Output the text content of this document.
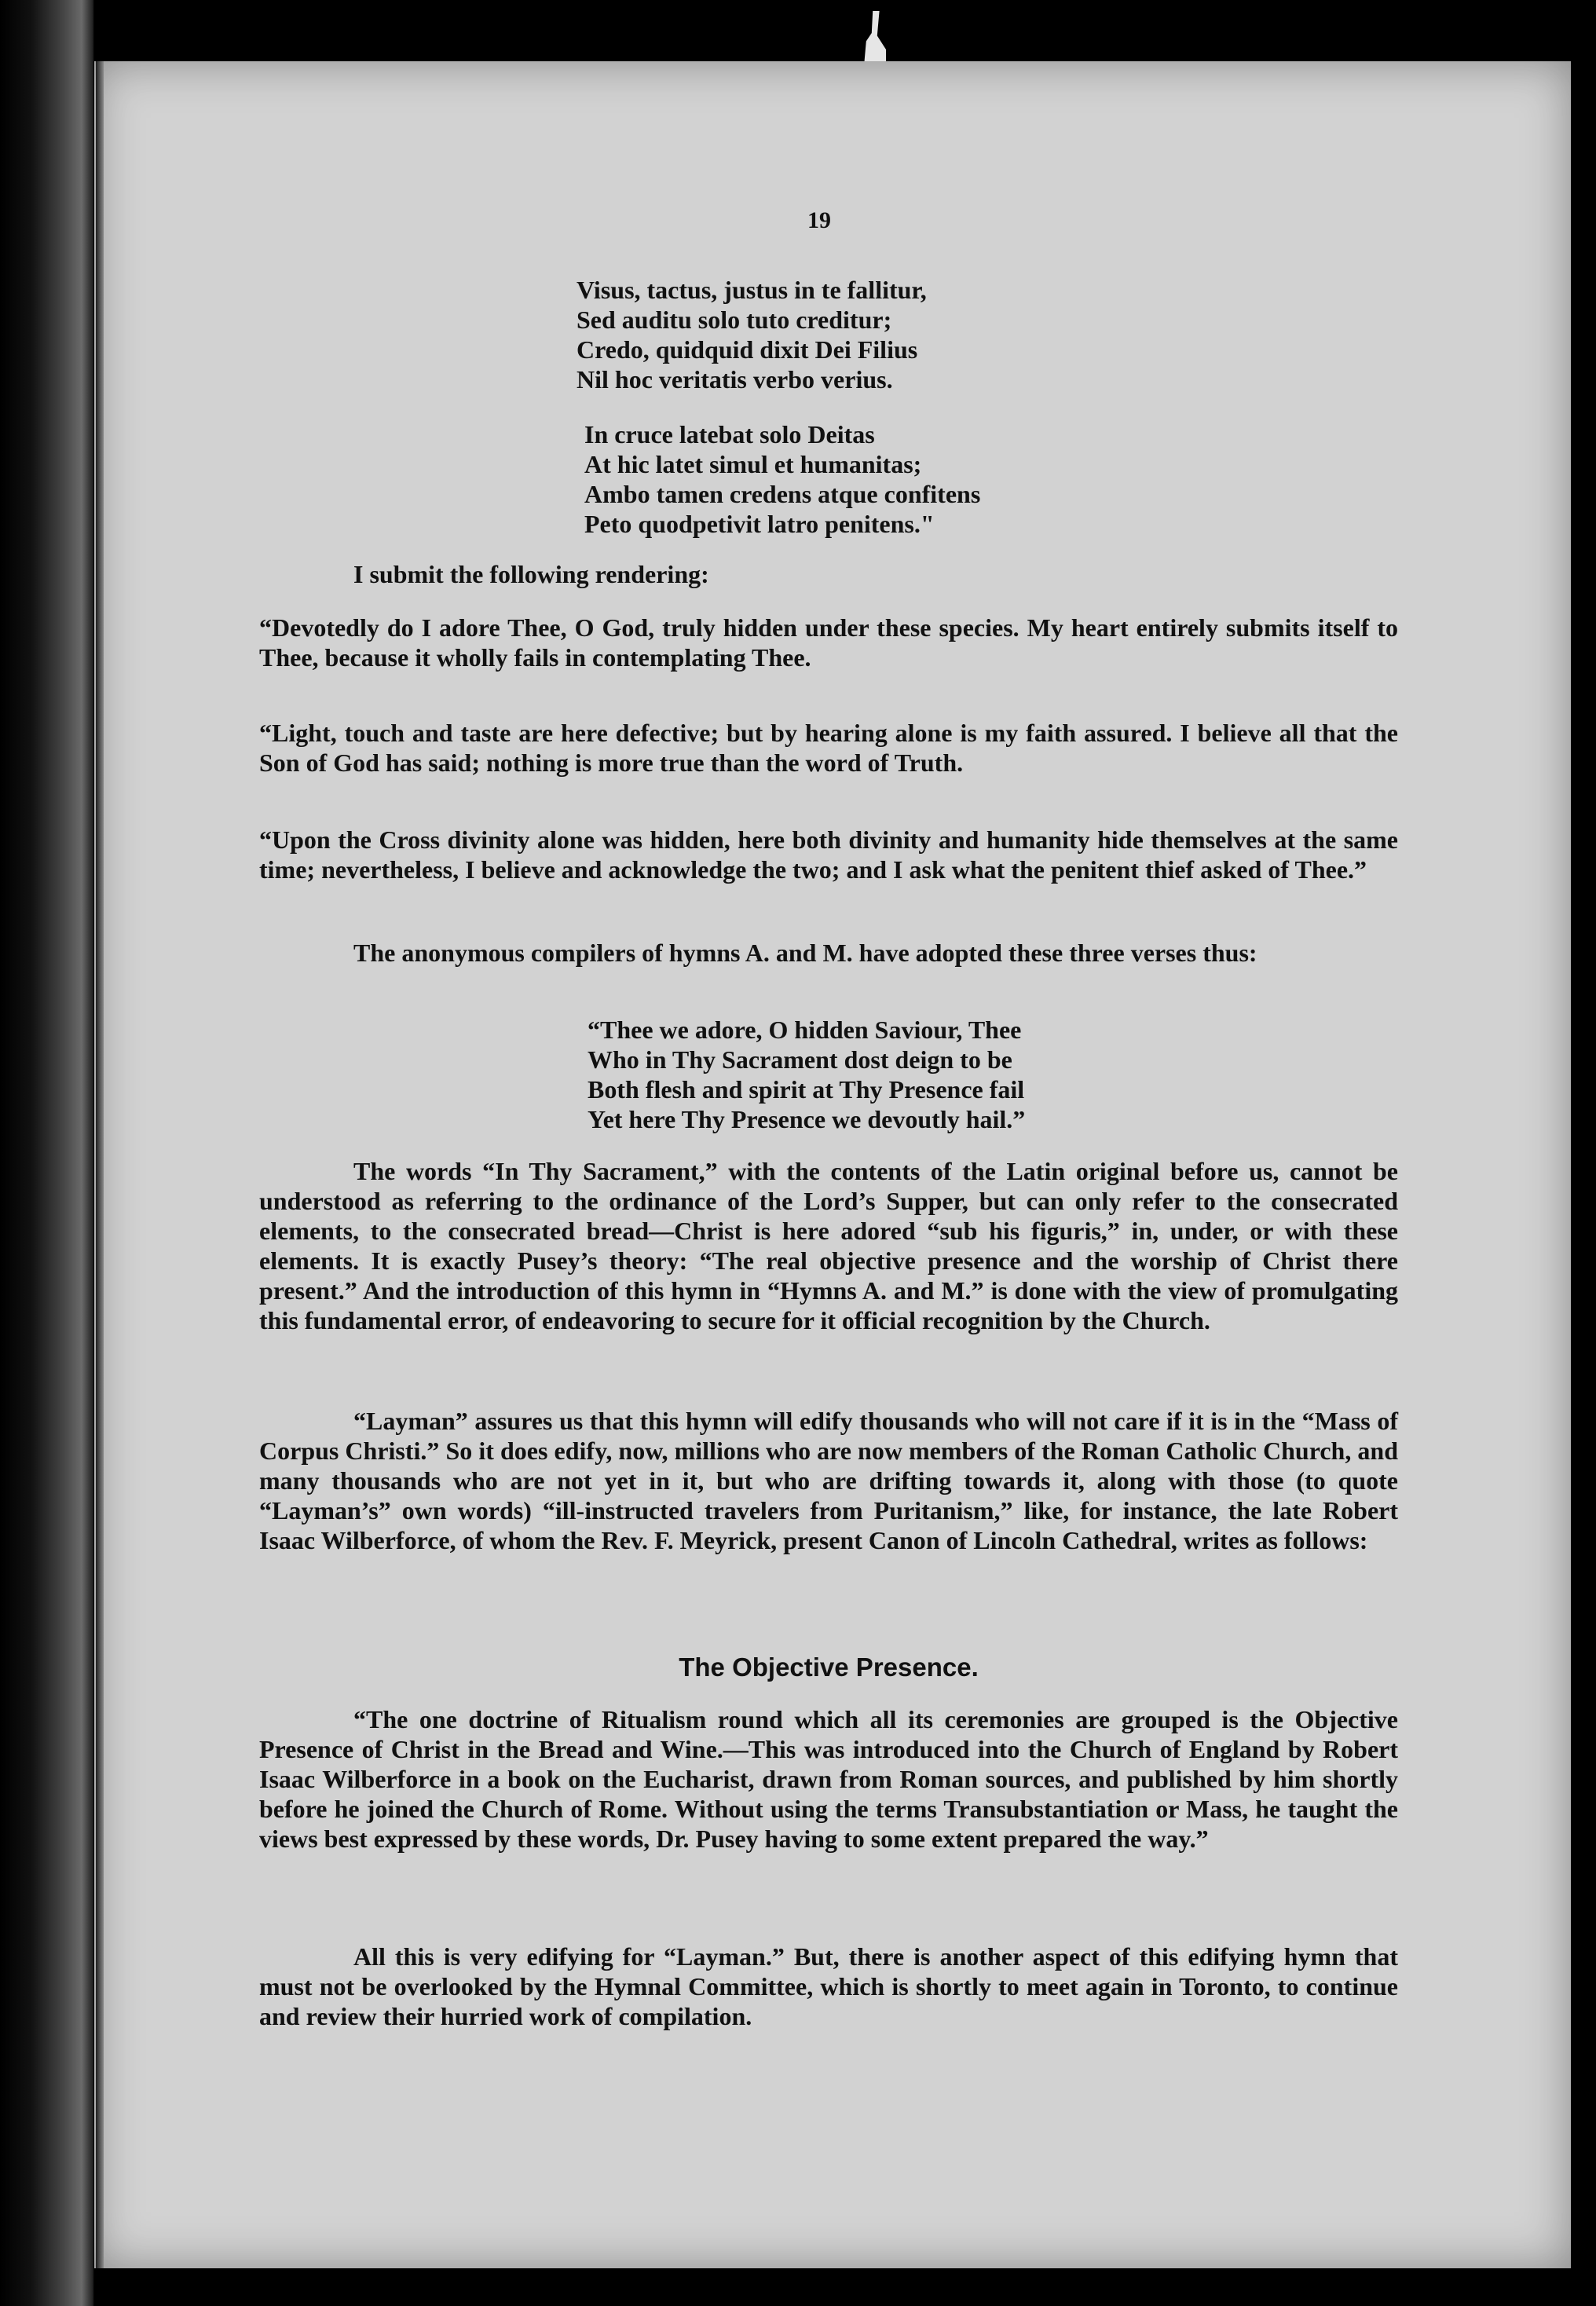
19
Visus, tactus, justus in te fallitur,
Sed auditu solo tuto creditur;
Credo, quidquid dixit Dei Filius
Nil hoc veritatis verbo verius.
In cruce latebat solo Deitas
At hic latet simul et humanitas;
Ambo tamen credens atque confitens
Peto quodpetivit latro penitens."
I submit the following rendering:
“Devotedly do I adore Thee, O God, truly hidden under these species. My heart entirely submits itself to Thee, because it wholly fails in contemplating Thee.
“Light, touch and taste are here defective; but by hearing alone is my faith assured. I believe all that the Son of God has said; nothing is more true than the word of Truth.
“Upon the Cross divinity alone was hidden, here both divinity and humanity hide themselves at the same time; nevertheless, I believe and acknowledge the two; and I ask what the penitent thief asked of Thee.”
The anonymous compilers of hymns A. and M. have adopted these three verses thus:
“Thee we adore, O hidden Saviour, Thee
Who in Thy Sacrament dost deign to be
Both flesh and spirit at Thy Presence fail
Yet here Thy Presence we devoutly hail.”
The words “In Thy Sacrament,” with the contents of the Latin original before us, cannot be understood as referring to the ordinance of the Lord’s Supper, but can only refer to the consecrated elements, to the consecrated bread—Christ is here adored “sub his figuris,” in, under, or with these elements. It is exactly Pusey’s theory: “The real objective presence and the worship of Christ there present.” And the introduction of this hymn in “Hymns A. and M.” is done with the view of promulgating this fundamental error, of endeavoring to secure for it official recognition by the Church.
“Layman” assures us that this hymn will edify thousands who will not care if it is in the “Mass of Corpus Christi.” So it does edify, now, millions who are now members of the Roman Catholic Church, and many thousands who are not yet in it, but who are drifting towards it, along with those (to quote “Layman’s” own words) “ill-instructed travelers from Puritanism,” like, for instance, the late Robert Isaac Wilberforce, of whom the Rev. F. Meyrick, present Canon of Lincoln Cathedral, writes as follows:
The Objective Presence.
“The one doctrine of Ritualism round which all its ceremonies are grouped is the Objective Presence of Christ in the Bread and Wine.—This was introduced into the Church of England by Robert Isaac Wilberforce in a book on the Eucharist, drawn from Roman sources, and published by him shortly before he joined the Church of Rome. Without using the terms Transubstantiation or Mass, he taught the views best expressed by these words, Dr. Pusey having to some extent prepared the way.”
All this is very edifying for “Layman.” But, there is another aspect of this edifying hymn that must not be overlooked by the Hymnal Committee, which is shortly to meet again in Toronto, to continue and review their hurried work of compilation.
